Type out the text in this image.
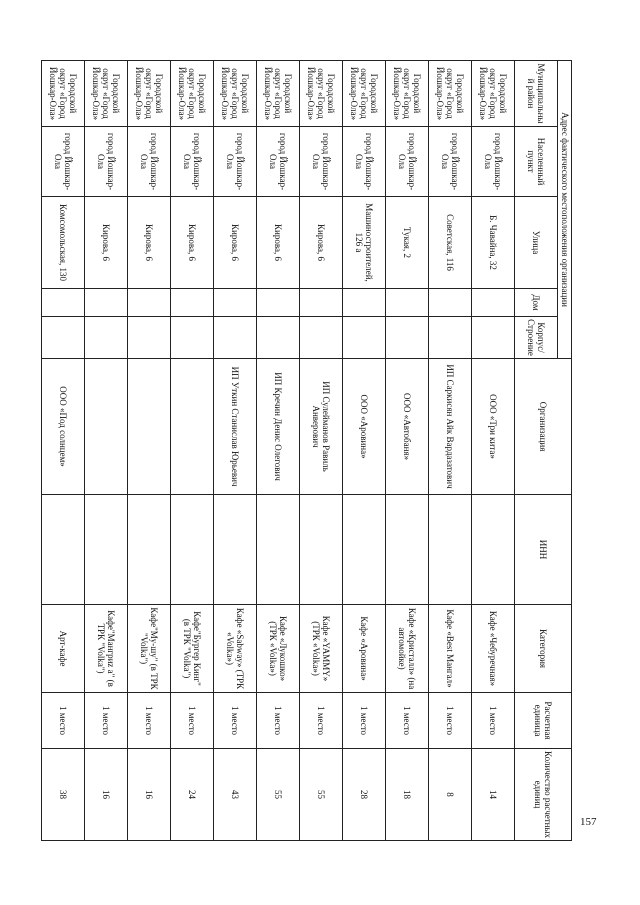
157
Адрес фактического местоположения организации					Организация	ИНН	Категория	Расчетная единица	Количество расчетных единиц
Муниципальный район	Населенный пункт	Улица	Дом	Корпус/ Строение					
Городской округ «Город Йошкар-Ола»	город Йошкар-Ола	Б. Чавайна, 32			ООО «Три кита»		Кафе «Чебуречная»	1 место	14
Городской округ «Город Йошкар-Ола»	город Йошкар-Ола	Советская, 116			ИП Саркисян Айк Вардазатович		Кафе «Best Мангал»	1 место	8
Городской округ «Город Йошкар-Ола»	город Йошкар-Ола	Тукая, 2			ООО «Автобаня»		Кафе «Кристалл» (на автомойке)	1 место	18
Городской округ «Город Йошкар-Ола»	город Йошкар-Ола	Машиностроителей, 126 а			ООО «Аровина»		Кафе «Аровина»	1 место	28
Городской округ «Город Йошкар-Ола»	город Йошкар-Ола	Кирова, 6			ИП Сулейманов Равиль Анверович		Кафе «YAMMY» (ТРК «Volkа»)	1 место	55
Городской округ «Город Йошкар-Ола»	город Йошкар-Ола	Кирова, 6			ИП Кречин Денис Олегович		Кафе «Лукошко» (ТРК «Volkа»)	1 место	55
Городской округ «Город Йошкар-Ола»	город Йошкар-Ола	Кирова, 6			ИП Уткин Станислав Юрьевич		Кафе «Sabway» (ТРК «Volkа»)	1 место	43
Городской округ «Город Йошкар-Ола»	город Йошкар-Ола	Кирова, 6					Кафе"Бургер Кинг" (в ТРК "Volka")	1 место	24
Городской округ «Город Йошкар-Ола»	город Йошкар-Ола	Кирова, 6					Кафе"My-шу" (в ТРК "Volka")	1 место	16
Городской округ «Город Йошкар-Ола»	город Йошкар-Ола	Кирова, 6					Кафе"Мангриz а" (в ТРК "Volka")	1 место	16
Городской округ «Город Йошкар-Ола»	город Йошкар-Ола	Комсомольская, 130			ООО «Под солнцем»		Арт-кафе	1 место	38
